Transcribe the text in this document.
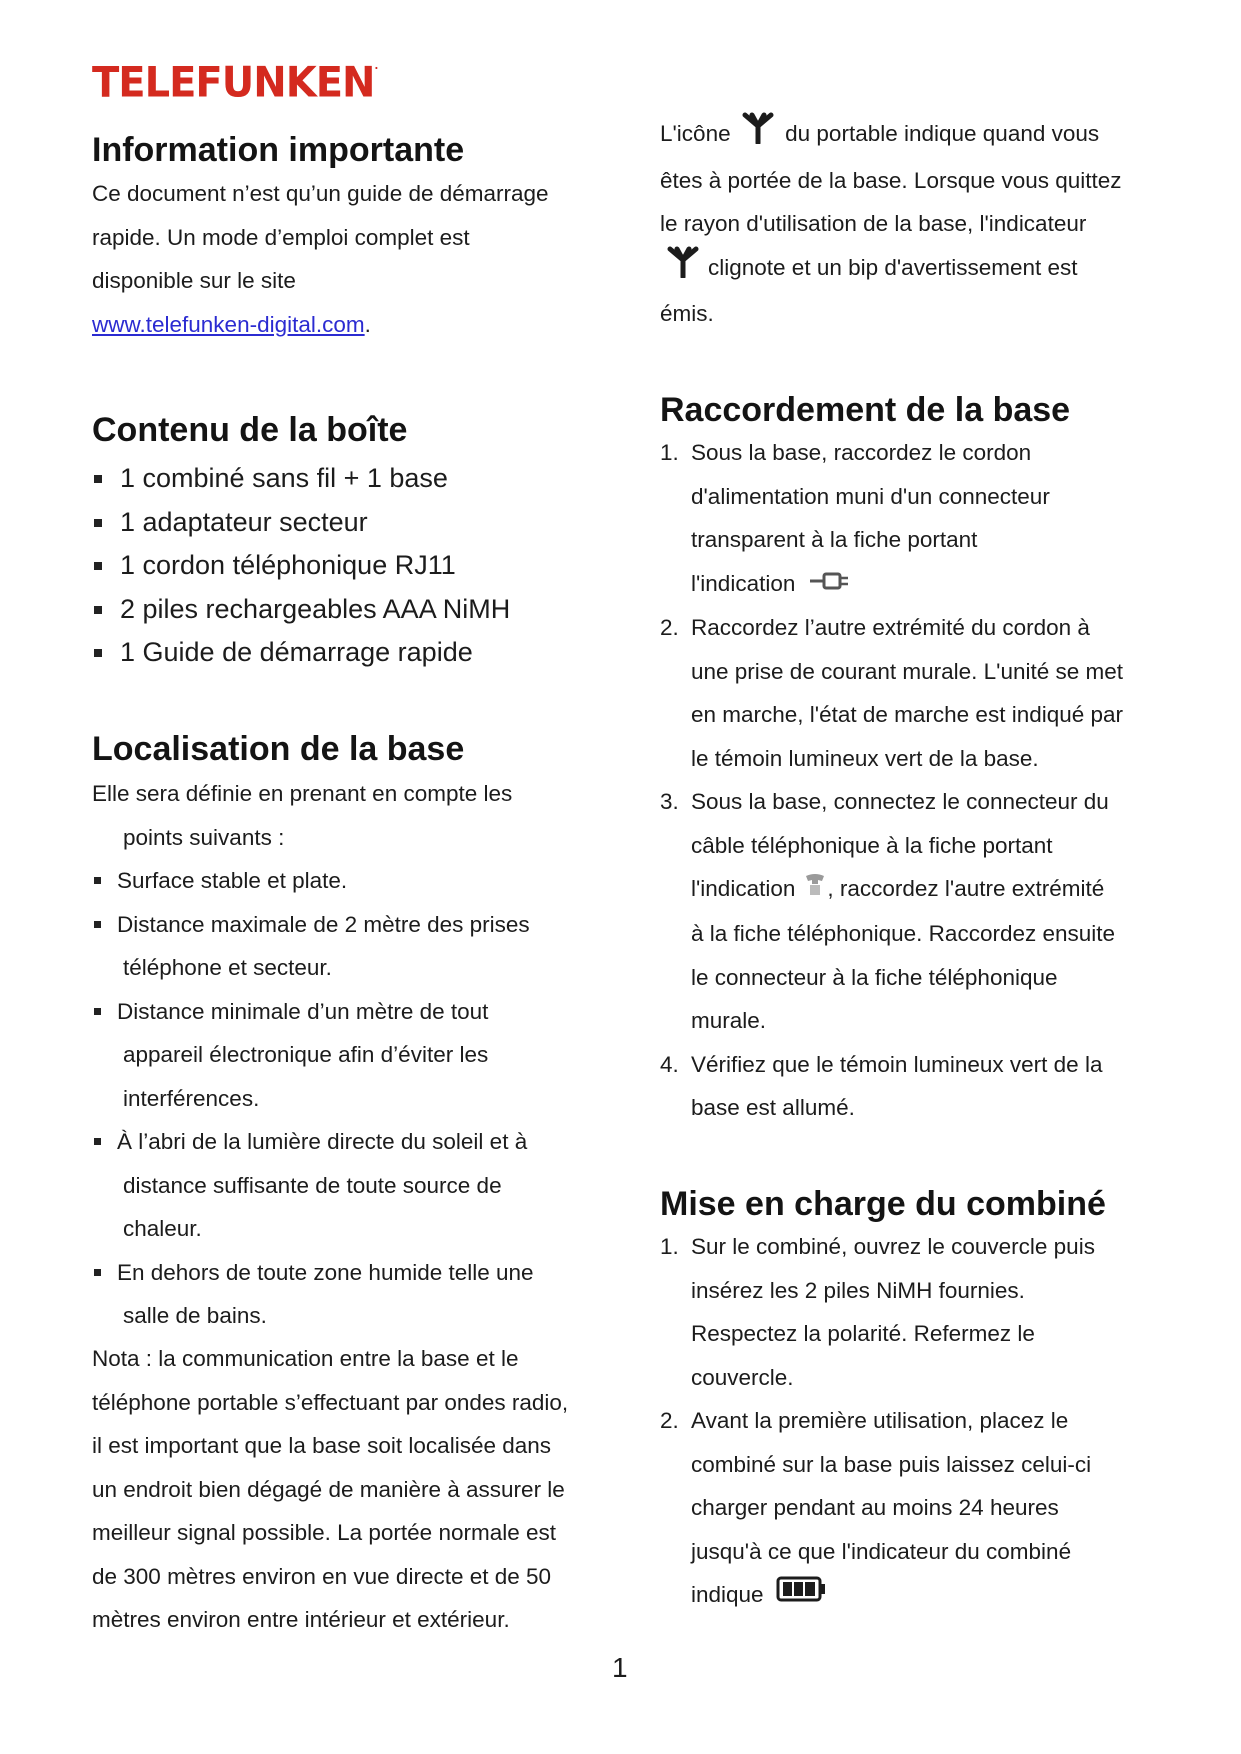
TELEFUNKEN·
Information importante
Ce document n’est qu’un guide de démarrage
rapide. Un mode d’emploi complet est
disponible sur le site
www.telefunken-digital.com.
Contenu de la boîte
1 combiné sans fil + 1 base
1 adaptateur secteur
1 cordon téléphonique RJ11
2 piles rechargeables AAA NiMH
1 Guide de démarrage rapide
Localisation de la base
Elle sera définie en prenant en compte les
points suivants :
Surface stable et plate.
Distance maximale de 2 mètre des prises
téléphone et secteur.
Distance minimale d’un mètre de tout
appareil électronique afin d’éviter les
interférences.
À l’abri de la lumière directe du soleil et à
distance suffisante de toute source de
chaleur.
En dehors de toute zone humide telle une
salle de bains.
Nota : la communication entre la base et le
téléphone portable s’effectuant par ondes radio,
il est important que la base soit localisée dans
un endroit bien dégagé de manière à assurer le
meilleur signal possible. La portée normale est
de 300 mètres environ en vue directe et de 50
mètres environ entre intérieur et extérieur.
L'icône du portable indique quand vous
êtes à portée de la base. Lorsque vous quittez
le rayon d'utilisation de la base, l'indicateur
clignote et un bip d'avertissement est
émis.
Raccordement de la base
1. Sous la base, raccordez le cordon
d'alimentation muni d'un connecteur
transparent à la fiche portant
l'indication
2. Raccordez l’autre extrémité du cordon à
une prise de courant murale. L'unité se met
en marche, l'état de marche est indiqué par
le témoin lumineux vert de la base.
3. Sous la base, connectez le connecteur du
câble téléphonique à la fiche portant
l'indication , raccordez l'autre extrémité
à la fiche téléphonique. Raccordez ensuite
le connecteur à la fiche téléphonique
murale.
4. Vérifiez que le témoin lumineux vert de la
base est allumé.
Mise en charge du combiné
1. Sur le combiné, ouvrez le couvercle puis
insérez les 2 piles NiMH fournies.
Respectez la polarité. Refermez le
couvercle.
2. Avant la première utilisation, placez le
combiné sur la base puis laissez celui-ci
charger pendant au moins 24 heures
jusqu'à ce que l'indicateur du combiné
indique
1
